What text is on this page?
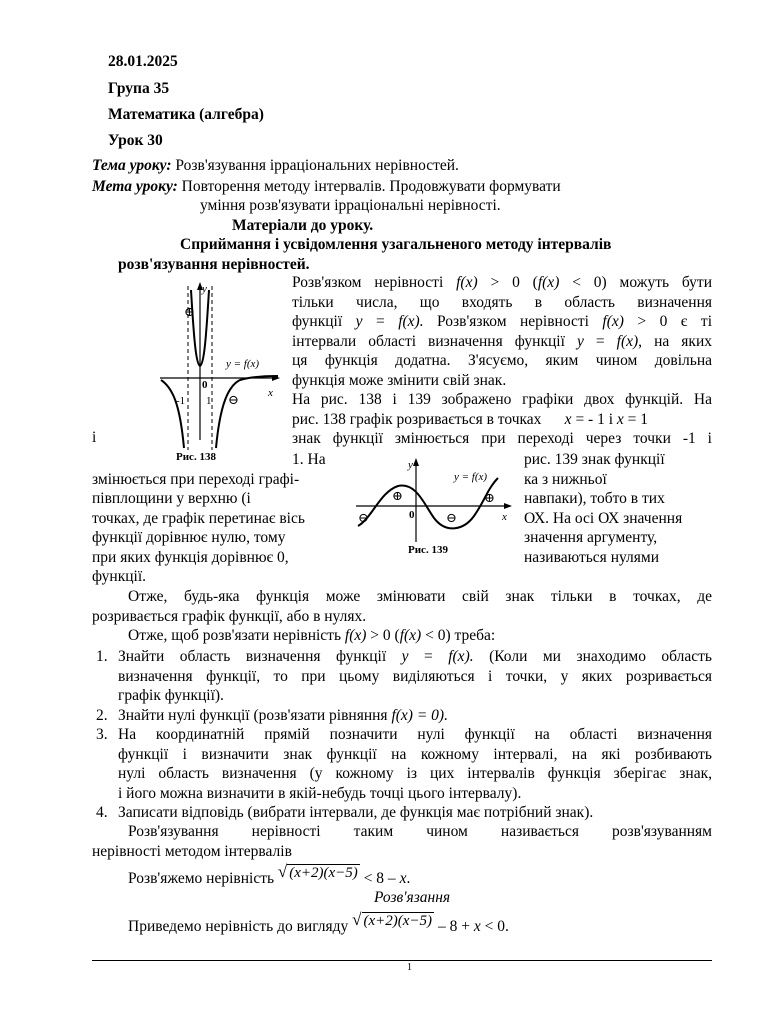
28.01.2025
Група 35
Математика (алгебра)
Урок 30
Тема уроку: Розв'язування ірраціональних нерівностей.
Мета уроку: Повторення методу інтервалів. Продовжувати формувати
уміння розв'язувати ірраціональні нерівності.
Матеріали до уроку.
Сприймання і усвідомлення узагальненого методу інтервалів
розв'язування нерівностей.
y
x
0
-1 1
⊕
⊖
y = f(x)
Рис. 138
Розв'язком нерівності f(x) > 0 (f(x) < 0) можуть бути
тільки числа, що входять в область визначення
функції y = f(x). Розв'язком нерівності f(x) > 0 є ті
інтервали області визначення функції y = f(x), на яких
ця функція додатна. З'ясуємо, яким чином довільна
функція може змінити свій знак.
На рис. 138 і 139 зображено графіки двох функцій. На
рис. 138 графік розривається в точках      x = - 1 і x = 1
знак функції змінюється при переході через точки -1 і
і
y
x
0
⊖
⊕
⊖
⊕
y = f(x)
Рис. 139
1. На
змінюється при переході графі-
півплощини у верхню (і
точках, де графік перетинає вісь
функції дорівнює нулю, тому
при яких функція дорівнює 0,
функції.
рис. 139 знак функції
ка з нижньої
навпаки), тобто в тих
ОХ. На осі ОХ значення
значення аргументу,
називаються нулями
Отже, будь-яка функція може змінювати свій знак тільки в точках, де
розривається графік функції, або в нулях.
Отже, щоб розв'язати нерівність f(x) > 0 (f(x) < 0) треба:
1. Знайти область визначення функції y = f(x). (Коли ми знаходимо область
визначення функції, то при цьому виділяються і точки, у яких розривається
графік функції).
2. Знайти нулі функції (розв'язати рівняння f(x) = 0).
3. На координатній прямій позначити нулі функції на області визначення
функції і визначити знак функції на кожному інтервалі, на які розбивають
нулі область визначення (у кожному із цих інтервалів функція зберігає знак,
і його можна визначити в якій-небудь точці цього інтервалу).
4. Записати відповідь (вибрати інтервали, де функція має потрібний знак).
Розв'язування нерівності таким чином називається розв'язуванням
нерівності методом інтервалів
Розв'яжемо нерівність √ (x+2)(x−5) < 8 – x.
Розв'язання
Приведемо нерівність до вигляду √ (x+2)(x−5) – 8 + x < 0.
1
